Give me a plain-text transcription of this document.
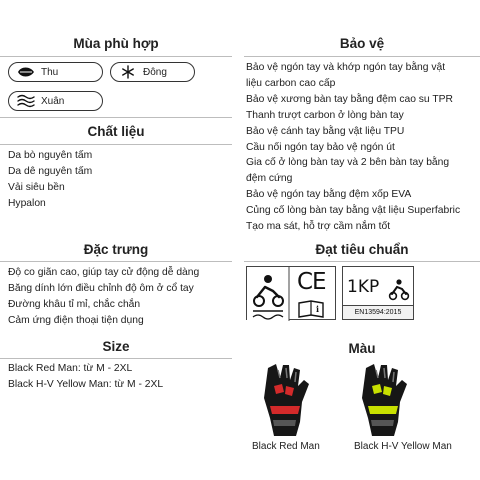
Mùa phù hợp
Thu	Đông
Xuân
Chất liệu
Da bò nguyên tấm
Da dê nguyên tấm
Vải siêu bền
Hypalon
Đặc trưng
Độ co giãn cao, giúp tay cử động dễ dàng
Băng dính lớn điều chỉnh độ ôm ở cổ tay
Đường khâu tỉ mỉ, chắc chắn
Cảm ứng điện thoại tiện dụng
Size
Black Red Man: từ M - 2XL
Black H-V Yellow Man: từ M - 2XL
Bảo vệ
Bảo vệ ngón tay và khớp ngón tay bằng vật
liệu carbon cao cấp
Bảo vệ xương bàn tay bằng đệm cao su TPR
Thanh trượt carbon ở lòng bàn tay
Bảo vệ cánh tay bằng vật liệu TPU
Cầu nối ngón tay bảo vệ ngón út
Gia cố ở lòng bàn tay và 2 bên bàn tay bằng
đệm cứng
Bảo vệ ngón tay bằng đệm xốp EVA
Củng cố lòng bàn tay bằng vật liệu Superfabric
Tạo ma sát, hỗ trợ cầm nắm tốt
Đạt tiêu chuẩn
i
CE 1KP
EN13594:2015
Màu
Black Red Man	Black H-V Yellow Man
